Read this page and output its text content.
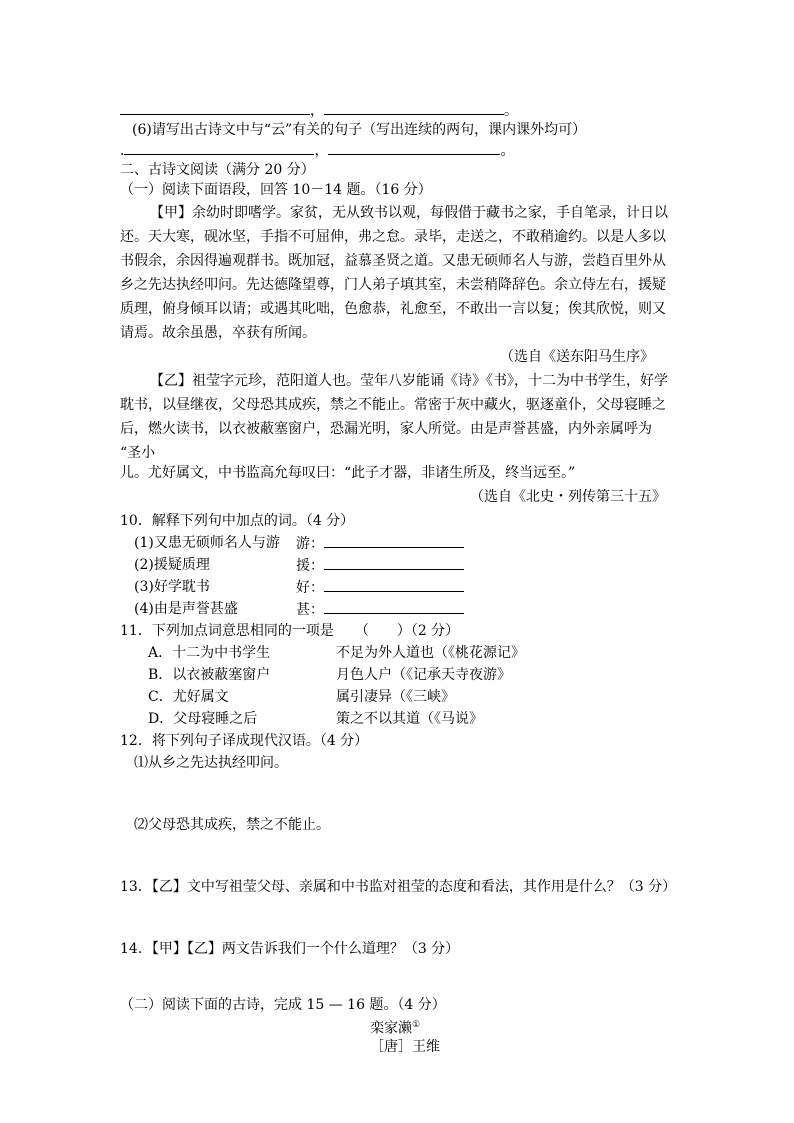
，	。
(6)请写出古诗文中与“云”有关的句子（写出连续的两句，课内课外均可）
.	，	。
二、古诗文阅读（满分 20 分）
（一）阅读下面语段，回答 10－14 题。（16 分）
【甲】余幼时即嗜学。家贫，无从致书以观，每假借于藏书之家，手自笔录，计日以
还。天大寒，砚冰坚，手指不可屈伸，弗之怠。录毕，走送之，不敢稍逾约。以是人多以
书假余，余因得遍观群书。既加冠，益慕圣贤之道。又患无硕师名人与游，尝趋百里外从
乡之先达执经叩问。先达德隆望尊，门人弟子填其室，未尝稍降辞色。余立侍左右，援疑
质理，俯身倾耳以请；或遇其叱咄，色愈恭，礼愈至，不敢出一言以复；俟其欣悦，则又
请焉。故余虽愚，卒获有所闻。
（选自《送东阳马生序》
【乙】祖莹字元珍，范阳道人也。莹年八岁能诵《诗》《书》，十二为中书学生，好学
耽书，以昼继夜，父母恐其成疾，禁之不能止。常密于灰中藏火，驱逐童仆，父母寝睡之
后，燃火读书，以衣被蔽塞窗户，恐漏光明，家人所觉。由是声誉甚盛，内外亲属呼为
“圣小
儿。尤好属文，中书监高允每叹曰：“此子才器，非诸生所及，终当远至。”
（选自《北史・列传第三十五》
10．解释下列句中加点的词。（4 分）
(1)又患无硕师名人与游 游：
(2)援疑质理	援：
(3)好学耽书	好：
(4)由是声誉甚盛	甚：
11．下列加点词意思相同的一项是　　（　　）（2 分）
A．十二为中书学生	不足为外人道也（《桃花源记》
B．以衣被蔽塞窗户	月色人户（《记承天寺夜游》
C．尤好属文	属引凄异（《三峡》
D．父母寝睡之后	策之不以其道（《马说》
12．将下列句子译成现代汉语。（4 分）
⑴从乡之先达执经叩问。
⑵父母恐其成疾，禁之不能止。
13．【乙】文中写祖莹父母、亲属和中书监对祖莹的态度和看法，其作用是什么？（3 分）
14．【甲】【乙】两文告诉我们一个什么道理？（3 分）
（二）阅读下面的古诗，完成 15 — 16 题。（4 分）
栾家濑①
［唐］王维
